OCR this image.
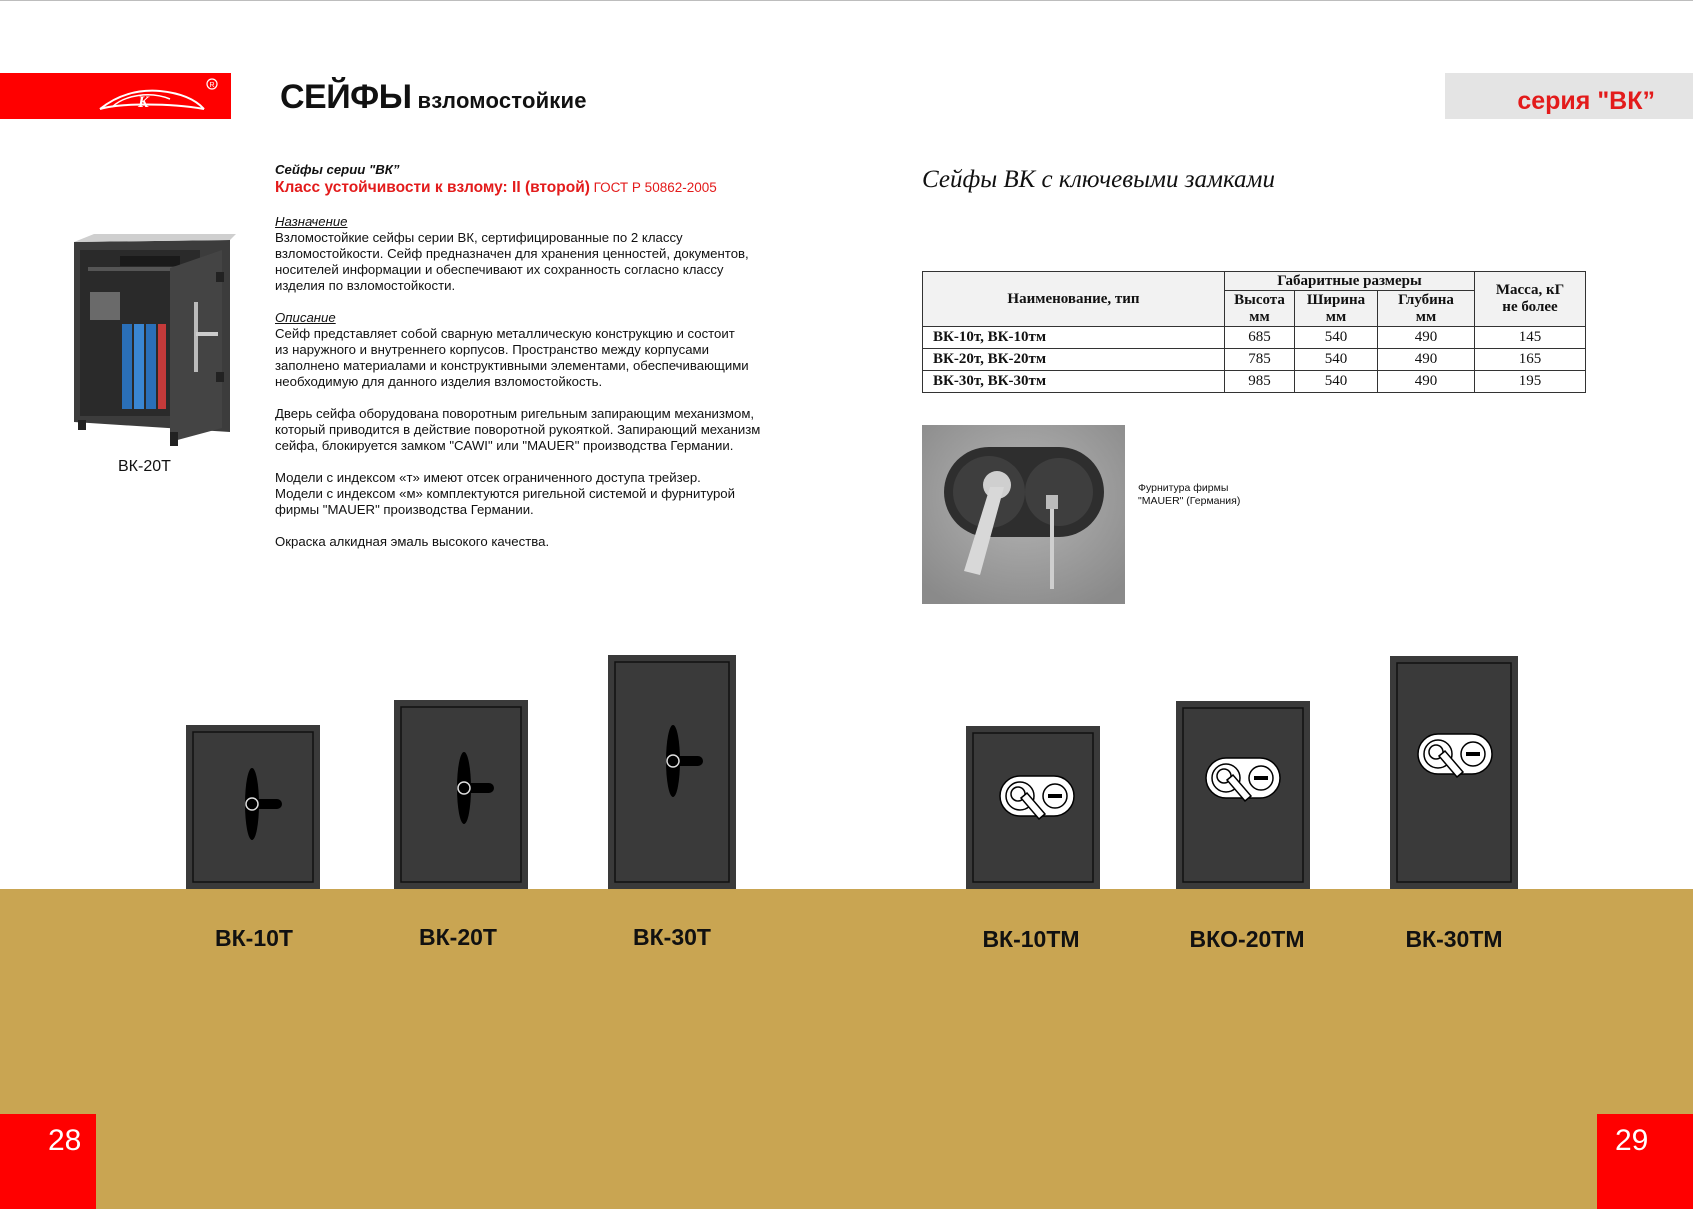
K
R СЕЙФЫ взломостойкие	серия "ВК”
ВК-20Т

Сейфы серии "ВК”

Класс устойчивости к взлому: II (второй) ГОСТ Р 50862-2005

Назначение

Взломостойкие сейфы серии ВК, сертифицированные по 2 классу

взломостойкости. Сейф предназначен для хранения ценностей, документов,

носителей информации и обеспечивают их сохранность согласно классу

изделия по взломостойкости.

Описание

Сейф представляет собой сварную металлическую конструкцию и состоит

из наружного и внутреннего корпусов. Пространство между корпусами

заполнено материалами и конструктивными элементами, обеспечивающими

необходимую для данного изделия взломостойкость.

Дверь сейфа оборудована поворотным ригельным запирающим механизмом,

который приводится в действие поворотной рукояткой. Запирающий механизм

сейфа, блокируется замком "CAWI" или "MAUER" производства Германии.

Модели с индексом «т» имеют отсек ограниченного доступа трейзер.

Модели с индексом «м» комплектуются ригельной системой и фурнитурой

фирмы "MAUER" производства Германии.

Окраска алкидная эмаль высокого качества.

Сейфы ВК с ключевыми замками
Наименование, тип	Габаритные размеры			Масса, кГ
не более
	Высота
мм	Ширина
мм	Глубина
мм	
ВК-10т, ВК-10тм	685	540	490	145
ВК-20т, ВК-20тм	785	540	490	165
ВК-30т, ВК-30тм	985	540	490	195
Фурнитура фирмы
"MAUER" (Германия)
ВК-10Т	ВК-20Т	ВК-30Т	ВК-10ТМ	ВКО-20ТМ	ВК-30ТМ
28	29
